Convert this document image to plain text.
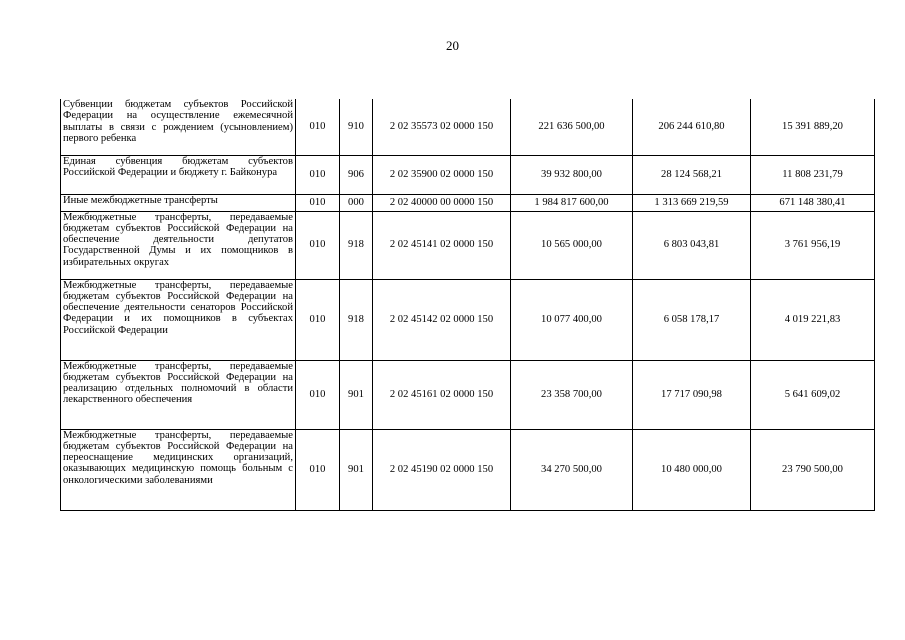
20
Субвенции бюджетам субъектов Российской Федерации на осуществление ежемесячной выплаты в связи с рождением (усыновлением) первого ребенка	010	910	2 02 35573 02 0000 150	221 636 500,00	206 244 610,80	15 391 889,20
Единая субвенция бюджетам субъектов Российской Федерации и бюджету г. Байконура	010	906	2 02 35900 02 0000 150	39 932 800,00	28 124 568,21	11 808 231,79
Иные межбюджетные трансферты	010	000	2 02 40000 00 0000 150	1 984 817 600,00	1 313 669 219,59	671 148 380,41
Межбюджетные трансферты, передаваемые бюджетам субъектов Российской Федерации на обеспечение деятельности депутатов Государственной Думы и их помощников в избирательных округах	010	918	2 02 45141 02 0000 150	10 565 000,00	6 803 043,81	3 761 956,19
Межбюджетные трансферты, передаваемые бюджетам субъектов Российской Федерации на обеспечение деятельности сенаторов Российской Федерации и их помощников в субъектах Российской Федерации	010	918	2 02 45142 02 0000 150	10 077 400,00	6 058 178,17	4 019 221,83
Межбюджетные трансферты, передаваемые бюджетам субъектов Российской Федерации на реализацию отдельных полномочий в области лекарственного обеспечения	010	901	2 02 45161 02 0000 150	23 358 700,00	17 717 090,98	5 641 609,02
Межбюджетные трансферты, передаваемые бюджетам субъектов Российской Федерации на переоснащение медицинских организаций, оказывающих медицинскую помощь больным с онкологическими заболеваниями	010	901	2 02 45190 02 0000 150	34 270 500,00	10 480 000,00	23 790 500,00
